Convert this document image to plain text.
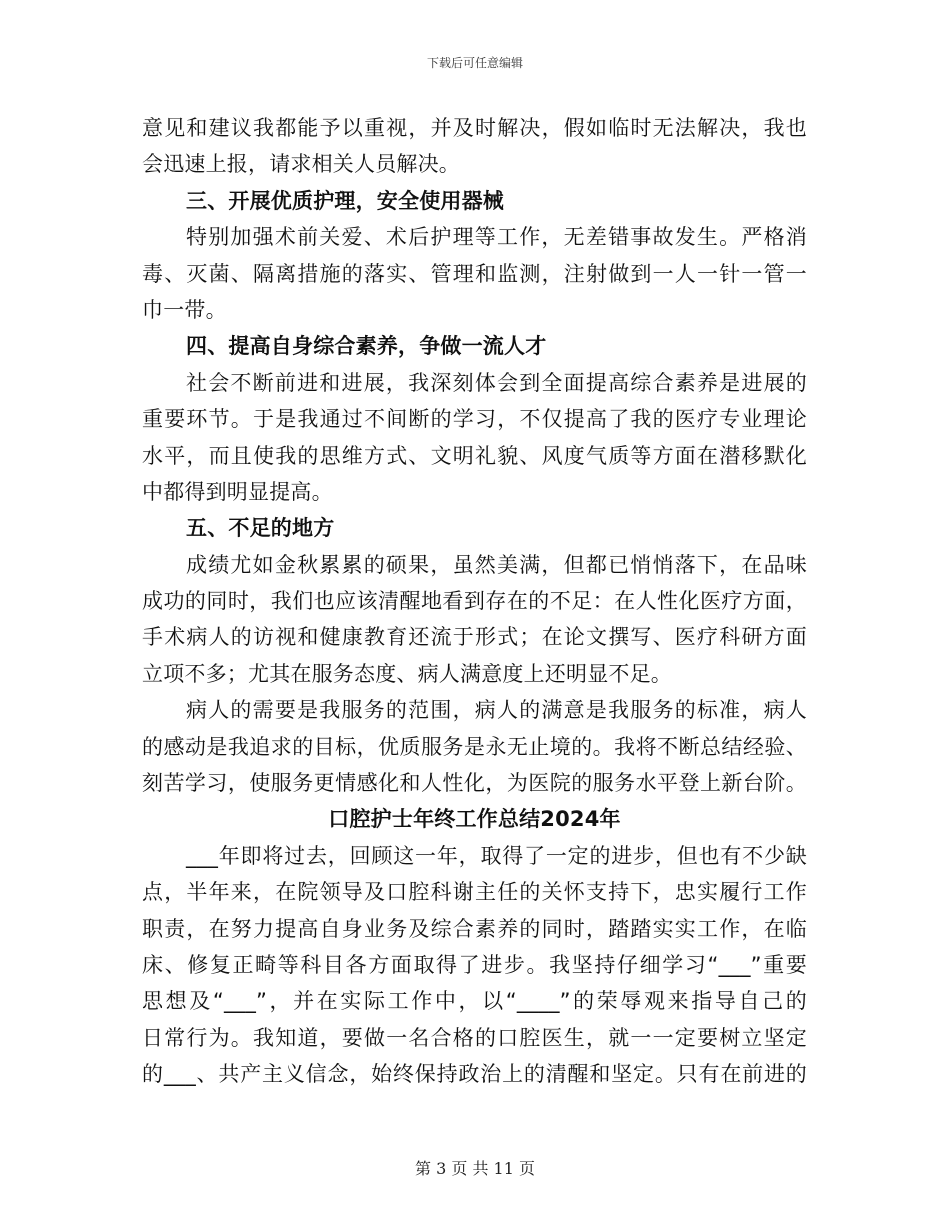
下载后可任意编辑
意见和建议我都能予以重视，并及时解决，假如临时无法解决，我也
会迅速上报，请求相关人员解决。
三、开展优质护理，安全使用器械
特别加强术前关爱、术后护理等工作，无差错事故发生。严格消
毒、灭菌、隔离措施的落实、管理和监测，注射做到一人一针一管一
巾一带。
四、提高自身综合素养，争做一流人才
社会不断前进和进展，我深刻体会到全面提高综合素养是进展的
重要环节。于是我通过不间断的学习，不仅提高了我的医疗专业理论
水平，而且使我的思维方式、文明礼貌、风度气质等方面在潜移默化
中都得到明显提高。
五、不足的地方
成绩尤如金秋累累的硕果，虽然美满，但都已悄悄落下，在品味
成功的同时，我们也应该清醒地看到存在的不足：在人性化医疗方面，
手术病人的访视和健康教育还流于形式；在论文撰写、医疗科研方面
立项不多；尤其在服务态度、病人满意度上还明显不足。
病人的需要是我服务的范围，病人的满意是我服务的标准，病人
的感动是我追求的目标，优质服务是永无止境的。我将不断总结经验、
刻苦学习，使服务更情感化和人性化，为医院的服务水平登上新台阶。
口腔护士年终工作总结2024年
___年即将过去，回顾这一年，取得了一定的进步，但也有不少缺
点，半年来，在院领导及口腔科谢主任的关怀支持下，忠实履行工作
职责，在努力提高自身业务及综合素养的同时，踏踏实实工作，在临
床、修复正畸等科目各方面取得了进步。我坚持仔细学习“___”重要
思想及“___”，并在实际工作中，以“____”的荣辱观来指导自己的
日常行为。我知道，要做一名合格的口腔医生，就一一定要树立坚定
的___、共产主义信念，始终保持政治上的清醒和坚定。只有在前进的
第 3 页 共 11 页
